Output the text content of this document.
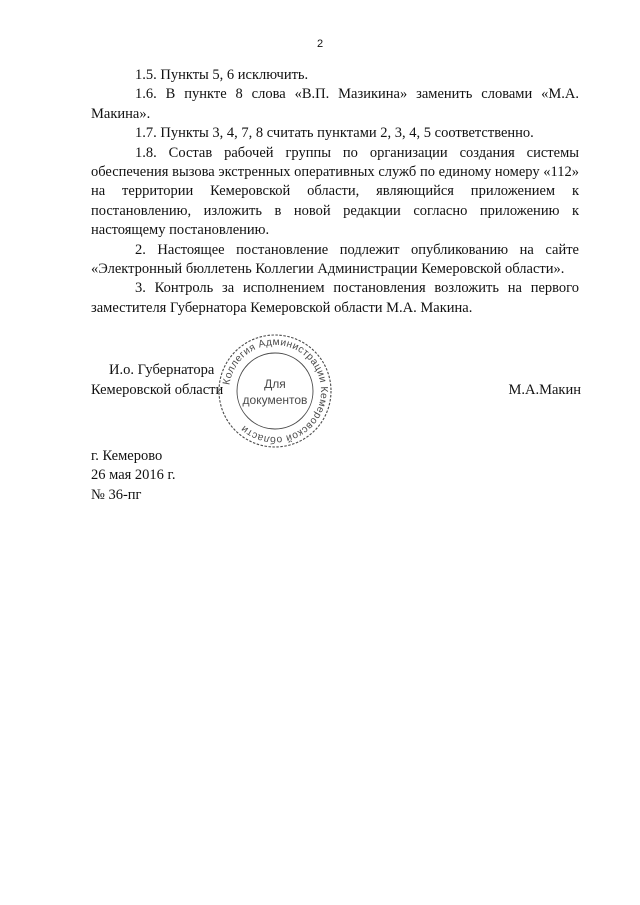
2

1.5. Пункты 5, 6 исключить.

1.6. В пункте 8 слова «В.П. Мазикина» заменить словами «М.А. Макина».

1.7. Пункты 3, 4, 7, 8 считать пунктами 2, 3, 4, 5 соответственно.

1.8. Состав рабочей группы по организации создания системы обеспечения вызова экстренных оперативных служб по единому номеру «112» на территории Кемеровской области, являющийся приложением к постановлению, изложить в новой редакции согласно приложению к настоящему постановлению.

2. Настоящее постановление подлежит опубликованию на сайте «Электронный бюллетень Коллегии Администрации Кемеровской области».

3. Контроль за исполнением постановления возложить на первого заместителя Губернатора Кемеровской области М.А. Макина.

И.о. Губернатора
Кемеровской области	М.А.Макин
Коллегия Администрации Кемеровской области
Для
документов
г. Кемерово
26 мая 2016 г.
№ 36-пг
